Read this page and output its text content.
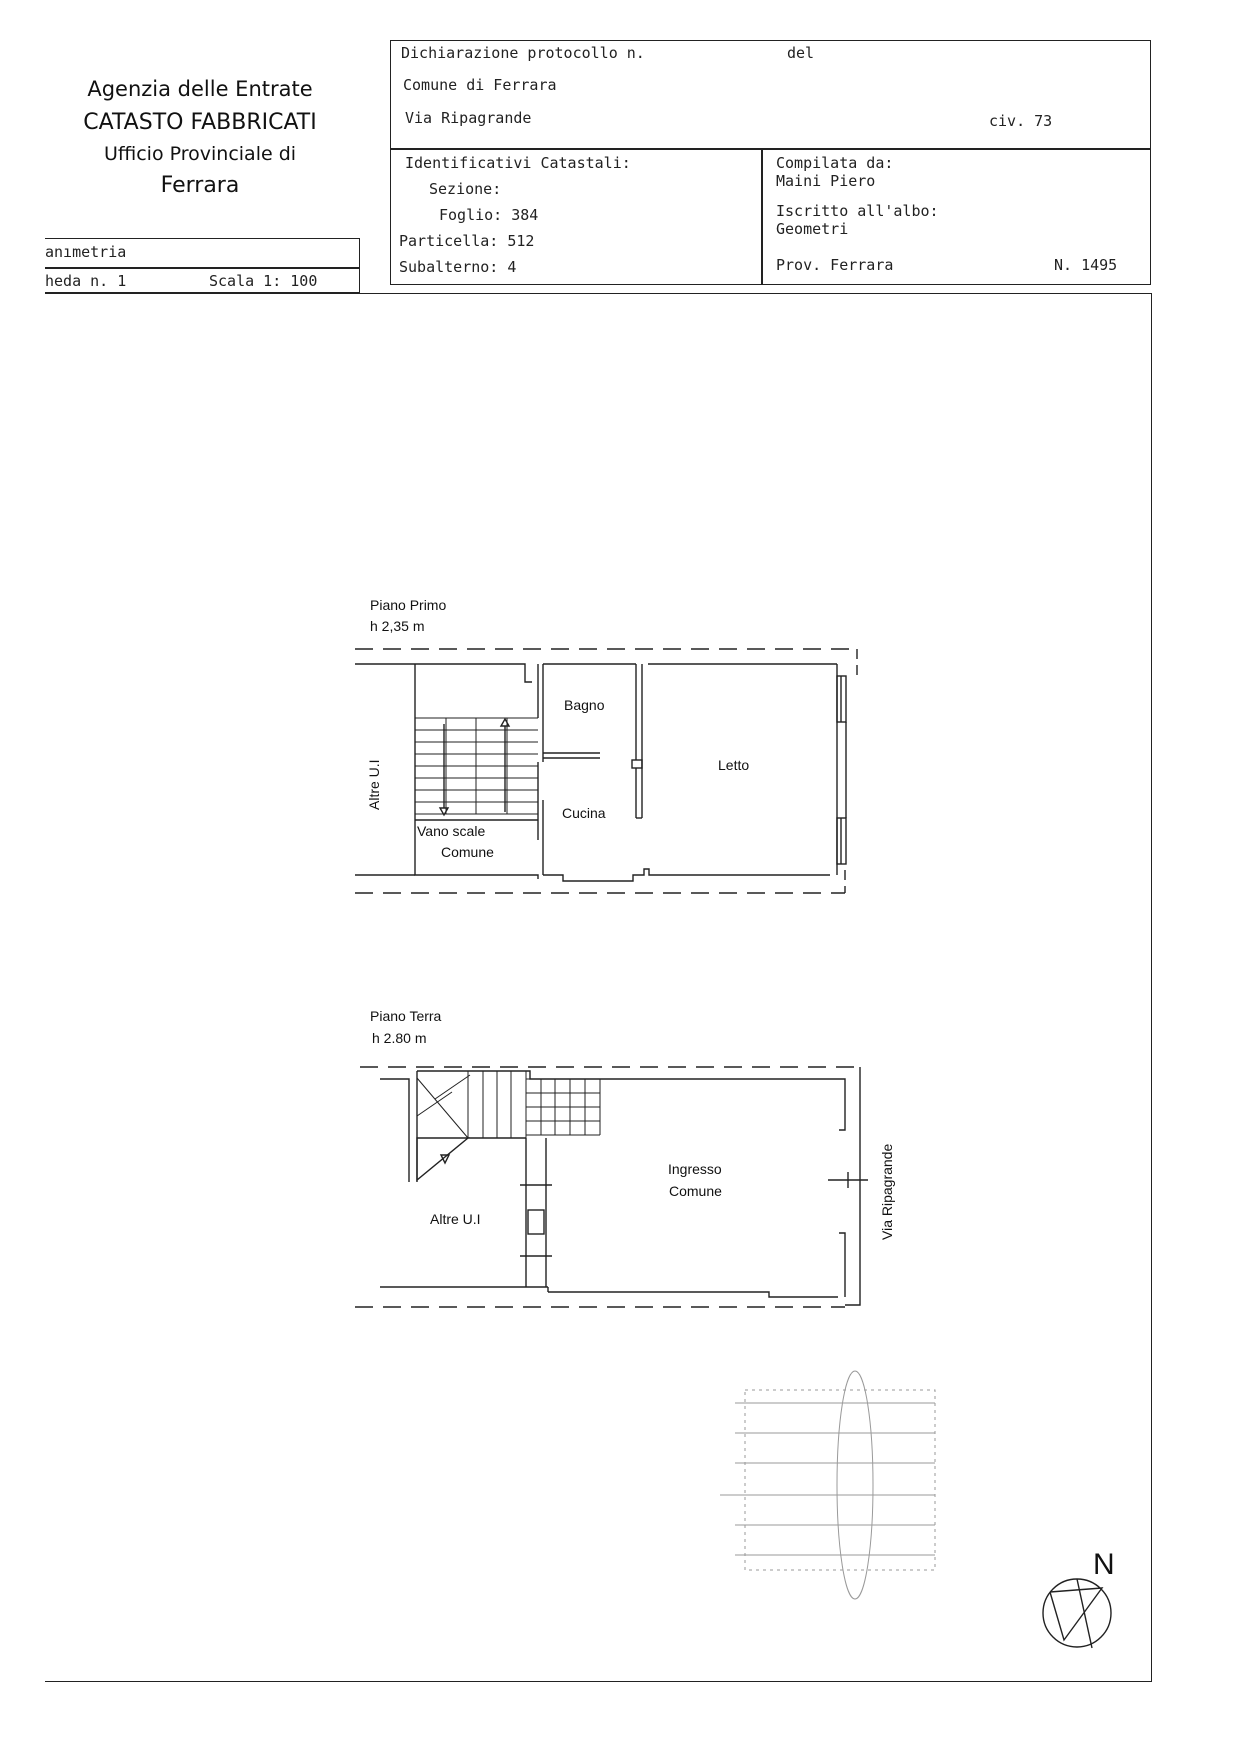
Agenzia delle Entrate
CATASTO FABBRICATI
Ufficio Provinciale di
Ferrara
Dichiarazione protocollo n.	del
Comune di Ferrara
Via Ripagrande	civ. 73
Identificativi Catastali:
Sezione:
Foglio: 384
Particella: 512
Subalterno: 4
Compilata da:
Maini Piero
Iscritto all'albo:
Geometri
Prov. Ferrara	N. 1495
anımetria
heda n. 1	Scala 1: 100
Piano Primo
h 2,35 m
Bagno
Letto
Cucina
Vano scale
Comune
Altre U.I
Piano Terra
h 2.80 m
Ingresso
Comune
Altre U.I	Via Ripagrande
N
